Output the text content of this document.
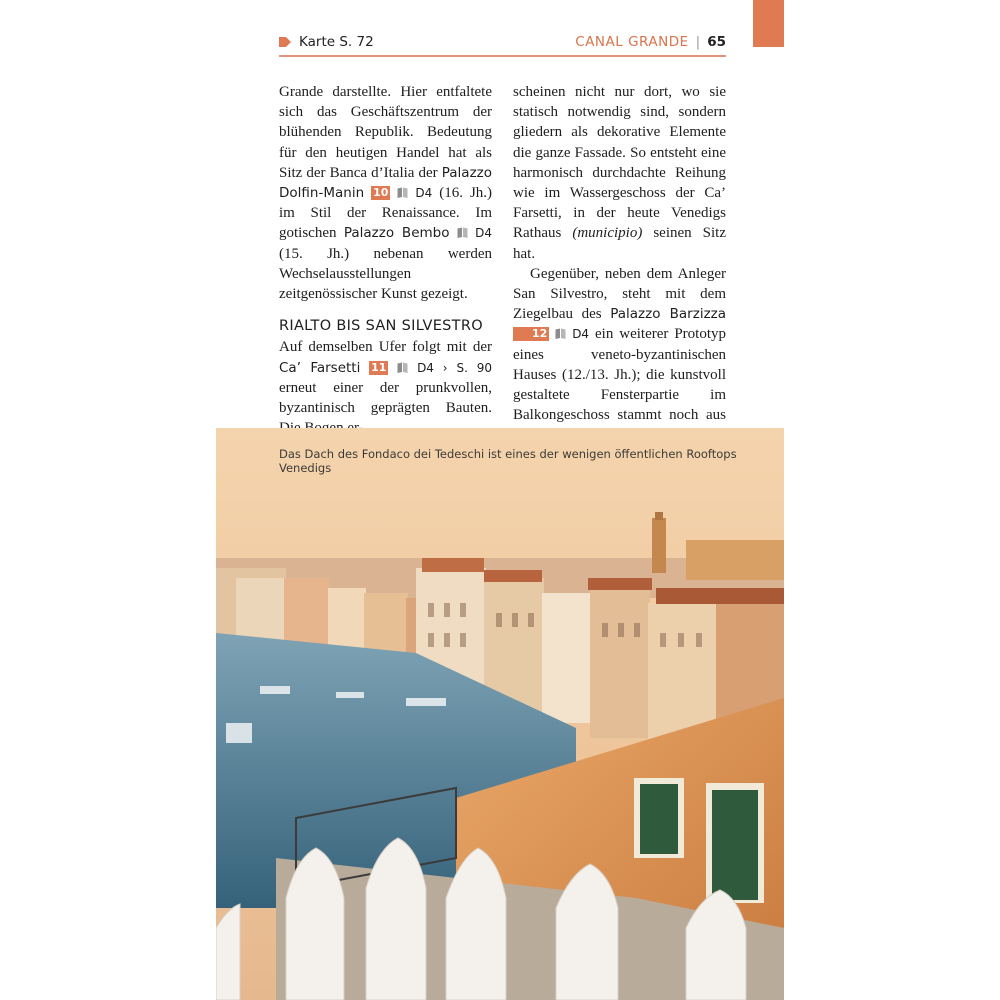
Karte S. 72	CANAL GRANDE | 65

Grande darstellte. Hier entfaltete sich das Geschäftszentrum der blühenden Republik. Bedeutung für den heutigen Handel hat als Sitz der Banca d’Italia der Palazzo Dolfin-Manin 10 D4 (16. Jh.) im Stil der Renaissance. Im gotischen Palazzo Bembo D4 (15. Jh.) nebenan werden Wechselausstellungen zeitgenössischer Kunst gezeigt.

RIALTO BIS SAN SILVESTRO

Auf demselben Ufer folgt mit der Ca’ Farsetti 11	D4 › S. 90 erneut einer der prunkvollen, byzantinisch geprägten Bauten.

scheinen nicht nur dort, wo sie statisch notwendig sind, sondern gliedern als dekorative Elemente die ganze Fassade. So entsteht eine harmonisch durchdachte Reihung wie im Wassergeschoss der Ca’ Farsetti, in der heute Venedigs Rathaus (municipio) seinen Sitz hat.

Gegenüber, neben dem Anleger San Silvestro, steht mit dem Ziegelbau des Palazzo Barzizza 12 D4 ein weiterer Prototyp eines veneto-byzantinischen Hauses (12./13. Jh.); die kunstvoll gestaltete Fensterpartie im Balkongeschoss stammt noch aus

Das Dach des Fondaco dei Tedeschi ist eines der wenigen öffentlichen Rooftops Venedigs
